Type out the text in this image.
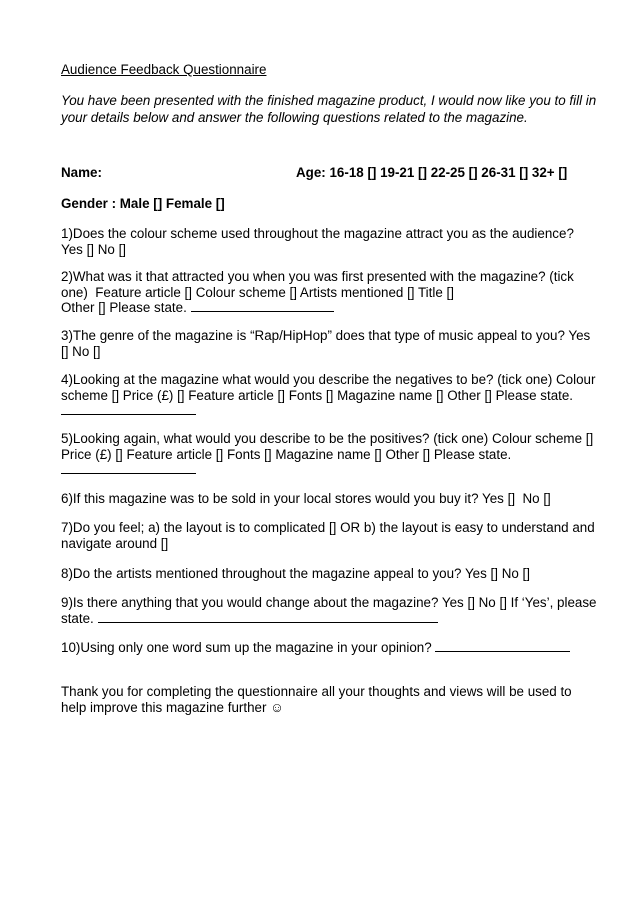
Audience Feedback Questionnaire
You have been presented with the finished magazine product, I would now like you to fill in
your details below and answer the following questions related to the magazine.
Name:	Age: 16-18 [] 19-21 [] 22-25 [] 26-31 [] 32+ []
Gender : Male [] Female []
1)Does the colour scheme used throughout the magazine attract you as the audience?
Yes [] No []
2)What was it that attracted you when you was first presented with the magazine? (tick
one)  Feature article [] Colour scheme [] Artists mentioned [] Title []
Other [] Please state.
3)The genre of the magazine is “Rap/HipHop” does that type of music appeal to you? Yes
[] No []
4)Looking at the magazine what would you describe the negatives to be? (tick one) Colour
scheme [] Price (£) [] Feature article [] Fonts [] Magazine name [] Other [] Please state.
5)Looking again, what would you describe to be the positives? (tick one) Colour scheme []
Price (£) [] Feature article [] Fonts [] Magazine name [] Other [] Please state.
6)If this magazine was to be sold in your local stores would you buy it? Yes []  No []
7)Do you feel; a) the layout is to complicated [] OR b) the layout is easy to understand and
navigate around []
8)Do the artists mentioned throughout the magazine appeal to you? Yes [] No []
9)Is there anything that you would change about the magazine? Yes [] No [] If ‘Yes’, please
state.
10)Using only one word sum up the magazine in your opinion?
Thank you for completing the questionnaire all your thoughts and views will be used to
help improve this magazine further ☺
